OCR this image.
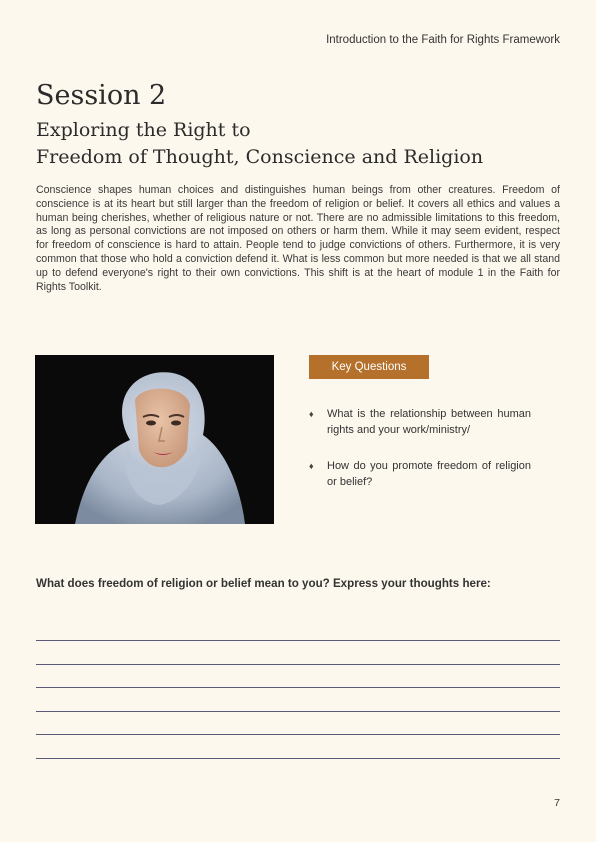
Introduction to the Faith for Rights Framework
Session 2
Exploring the Right to
Freedom of Thought, Conscience and Religion

Conscience shapes human choices and distinguishes human beings from other creatures. Freedom of conscience is at its heart but still larger than the freedom of religion or belief. It covers all ethics and values a human being cherishes, whether of religious nature or not. There are no admissible limitations to this freedom, as long as personal convictions are not imposed on others or harm them. While it may seem evident, respect for freedom of conscience is hard to attain. People tend to judge convictions of others. Furthermore, it is very common that those who hold a conviction defend it. What is less common but more needed is that we all stand up to defend everyone's right to their own convictions. This shift is at the heart of module 1 in the Faith for Rights Toolkit.

Key Questions
♦ What is the relationship between human rights and your work/ministry/
♦ How do you promote freedom of religion or belief?

What does freedom of religion or belief mean to you? Express your thoughts here:

7
